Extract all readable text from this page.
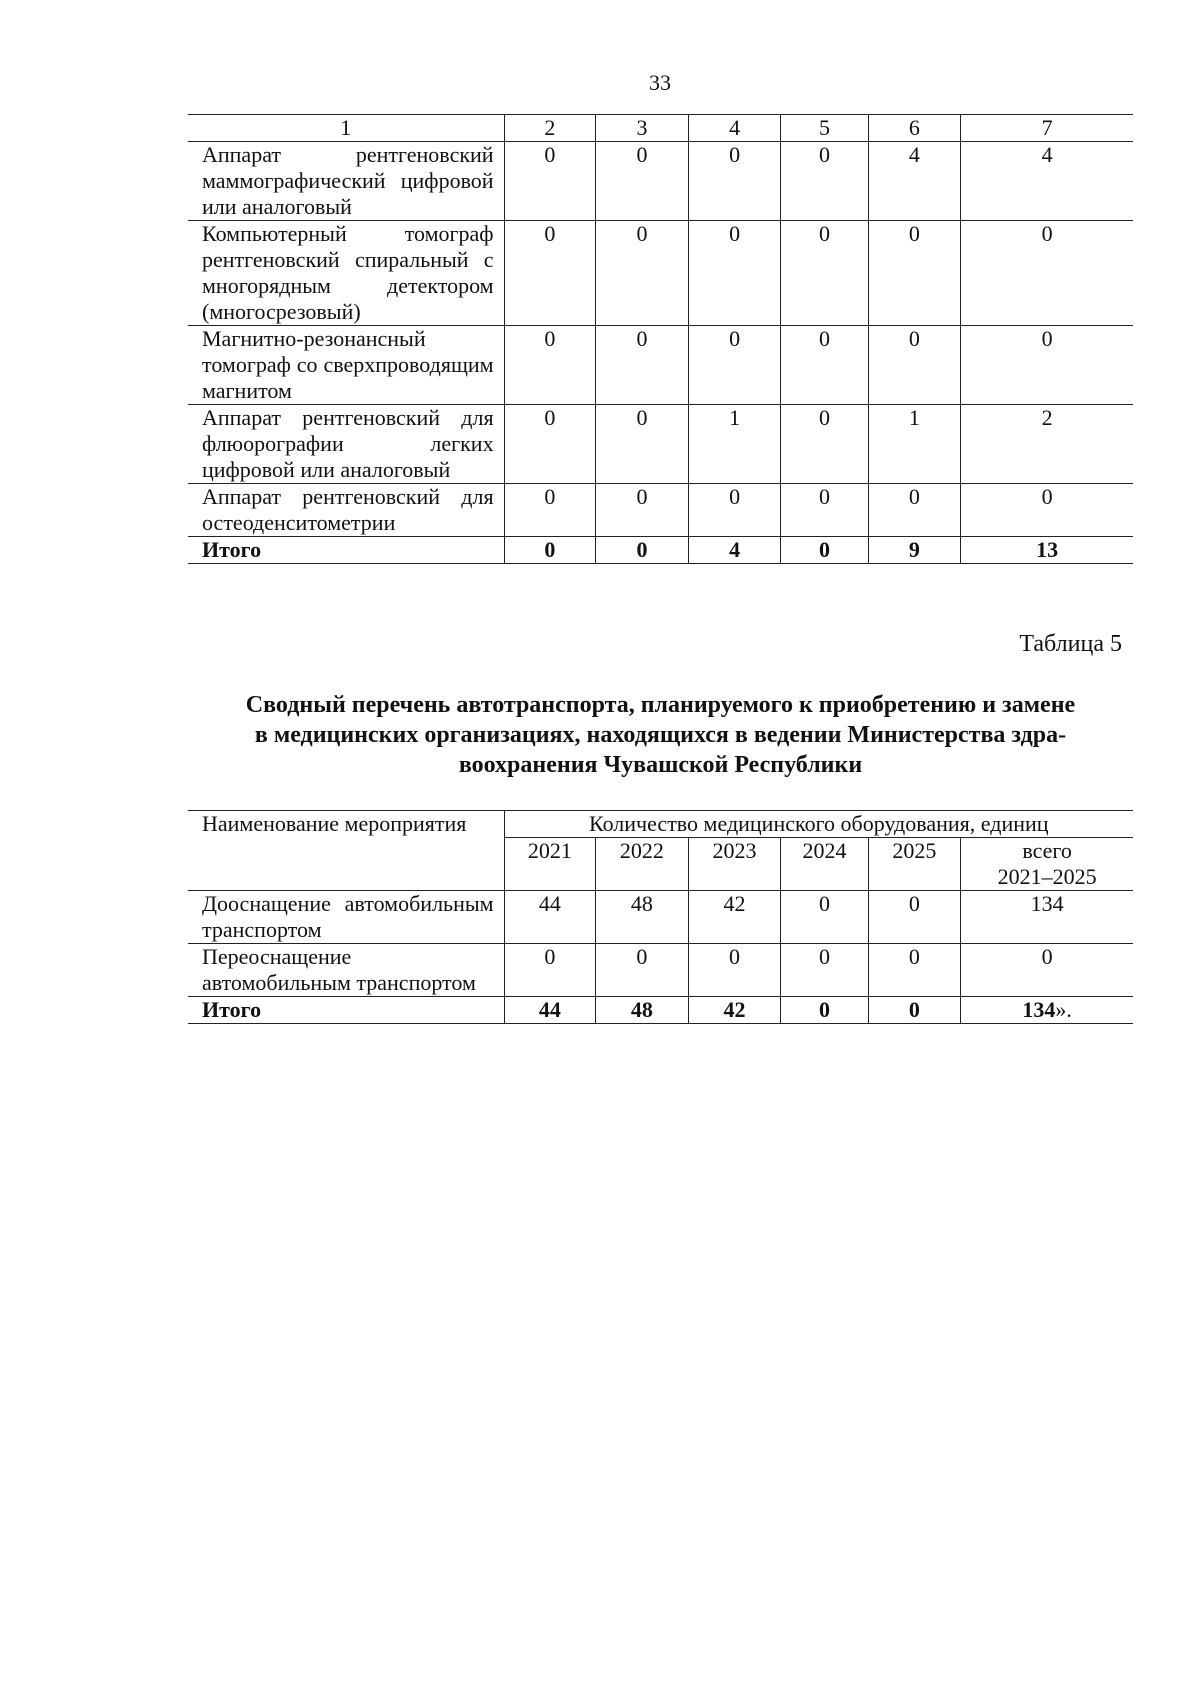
33
1	2	3	4	5	6	7
Аппарат рентгеновский маммографический цифровой или аналоговый	0	0	0	0	4	4
Компьютерный томограф рентгеновский спиральный с многорядным детектором (многосрезовый)	0	0	0	0	0	0
Магнитно-резонансный томограф со сверхпроводящим магнитом	0	0	0	0	0	0
Аппарат рентгеновский для флюорографии легких цифровой или аналоговый	0	0	1	0	1	2
Аппарат рентгеновский для остеоденситометрии	0	0	0	0	0	0
Итого	0	0	4	0	9	13
Таблица 5
Сводный перечень автотранспорта, планируемого к приобретению и замене
в медицинских организациях, находящихся в ведении Министерства здра-
воохранения Чувашской Республики
Наименование мероприятия	Количество медицинского оборудования, единиц					
	2021	2022	2023	2024	2025	всего
2021–2025

Дооснащение автомобильным транспортом	44	48	42	0	0	134
Переоснащение автомобильным транспортом	0	0	0	0	0	0
Итого	44	48	42	0	0	134».
